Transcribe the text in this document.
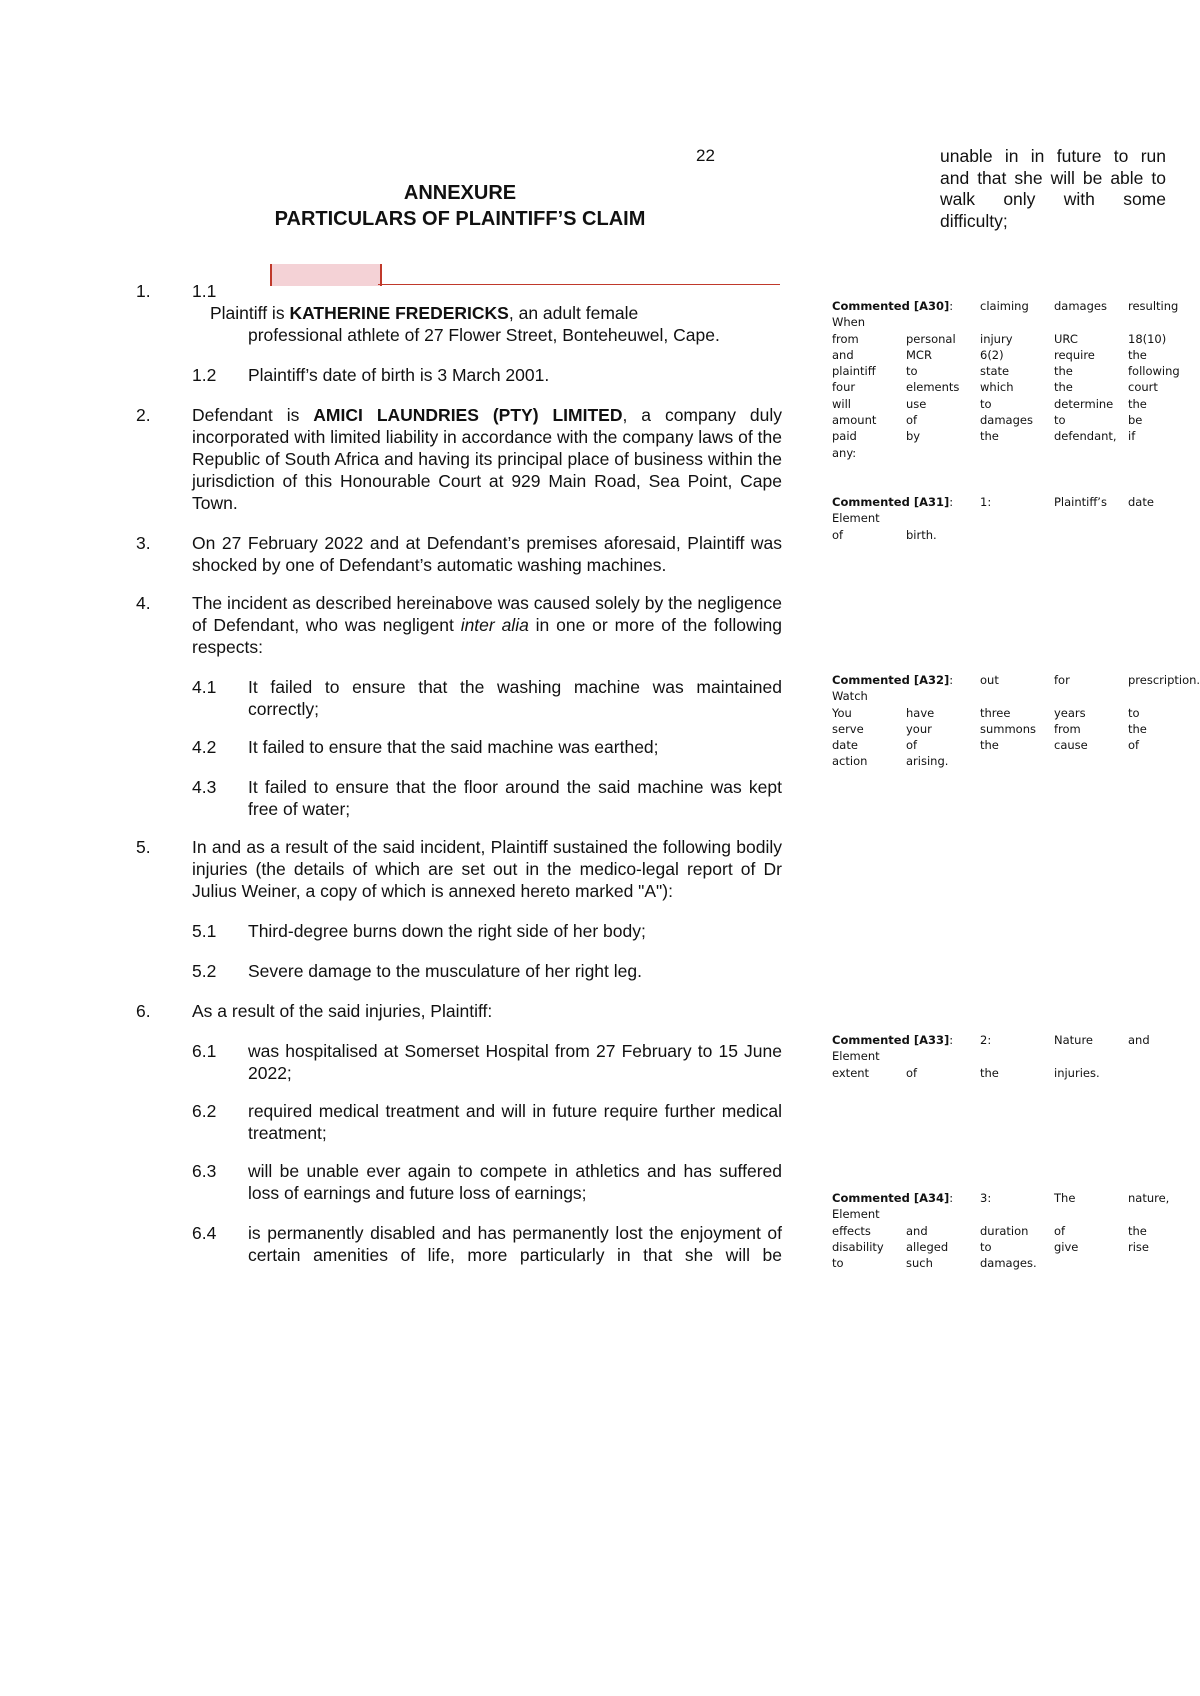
22
ANNEXURE
PARTICULARS OF PLAINTIFF’S CLAIM
1.	1.1
Plaintiff is KATHERINE FREDERICKS, an adult female
professional athlete of 27 Flower Street, Bonteheuwel, Cape.
1.2 Plaintiff’s date of birth is 3 March 2001.
2.	Defendant is AMICI LAUNDRIES (PTY) LIMITED, a company duly incorporated with limited liability in accordance with the company laws of the Republic of South Africa and having its principal place of business within the jurisdiction of this Honourable Court at 929 Main Road, Sea Point, Cape Town.
3.	On 27 February 2022 and at Defendant’s premises aforesaid, Plaintiff was shocked by one of Defendant’s automatic washing machines.
4.	The incident as described hereinabove was caused solely by the negligence of Defendant, who was negligent inter alia in one or more of the following respects:
4.1 It failed to ensure that the washing machine was maintained correctly;
4.2 It failed to ensure that the said machine was earthed;
4.3 It failed to ensure that the floor around the said machine was kept free of water;
5.	In and as a result of the said incident, Plaintiff sustained the following bodily injuries (the details of which are set out in the medico-legal report of Dr Julius Weiner, a copy of which is annexed hereto marked "A"):
5.1 Third-degree burns down the right side of her body;
5.2 Severe damage to the musculature of her right leg.
6.	As a result of the said injuries, Plaintiff:
6.1 was hospitalised at Somerset Hospital from 27 February to 15 June 2022;
6.2 required medical treatment and will in future require further medical treatment;
6.3 will be unable ever again to compete in athletics and has suffered loss of earnings and future loss of earnings;
6.4 is permanently disabled and has permanently lost the enjoyment of certain amenities of life, more particularly in that she will be
unable in in future to run
and that she will be able to
walk only with some
difficulty;
Commented [A30]: When
claiming	damages	resulting
from	personal	injury	URC	18(10)
and	MCR	6(2)	require	the
plaintiff	to	state	the	following
four	elements	which	the	court
will	use	to	determine	the
amount	of	damages	to	be
paid	by	the	defendant, if
any:
Commented [A31]: Element
1:	Plaintiff’s	date
of	birth.
Commented [A32]: Watch
out	for	prescription.
You	have	three	years	to
serve	your	summons	from	the
date	of	the	cause	of
action	arising.
Commented [A33]: Element
2:	Nature	and
extent	of	the	injuries.
Commented [A34]: Element
3:	The	nature,
effects	and	duration	of	the
disability	alleged	to	give	rise
to	such	damages.
